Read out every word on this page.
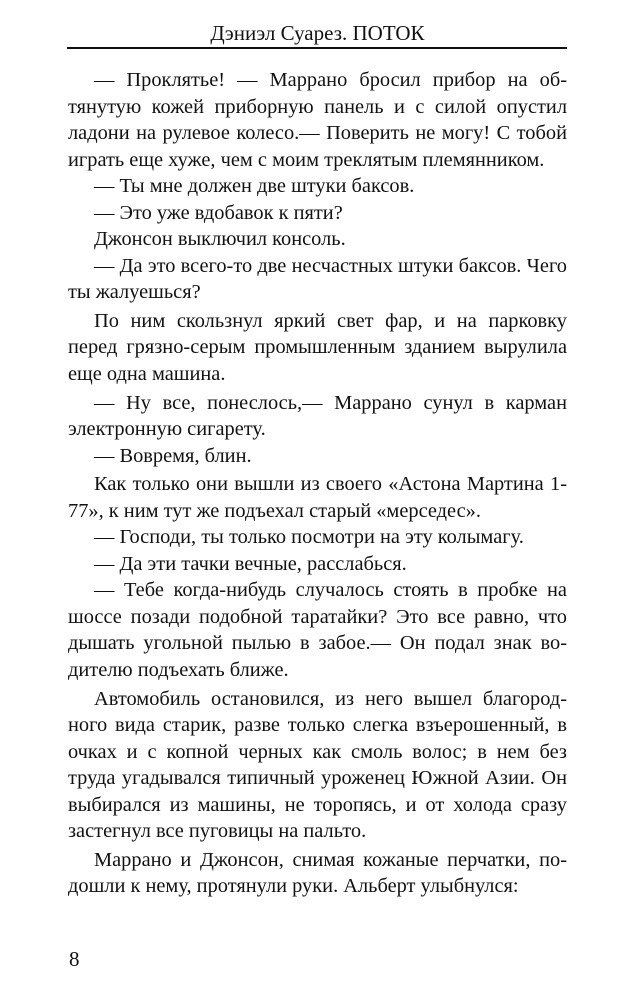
Дэниэл Суарез. ПОТОК

— Проклятье! — Маррано бросил прибор на обтянутую кожей приборную панель и с силой опустил ладони на рулевое колесо.— Поверить не могу! С тобой играть еще хуже, чем с моим треклятым племянником.

— Ты мне должен две штуки баксов.

— Это уже вдобавок к пяти?

Джонсон выключил консоль.

— Да это всего-то две несчастных штуки баксов. Чего ты жалуешься?

По ним скользнул яркий свет фар, и на парковку перед грязно-серым промышленным зданием вырулила еще одна машина.

— Ну все, понеслось,— Маррано сунул в карман электронную сигарету.

— Вовремя, блин.

Как только они вышли из своего «Астона Мартина 1-77», к ним тут же подъехал старый «мерседес».

— Господи, ты только посмотри на эту колымагу.

— Да эти тачки вечные, расслабься.

— Тебе когда-нибудь случалось стоять в пробке на шоссе позади подобной таратайки? Это все равно, что дышать угольной пылью в забое.— Он подал знак водителю подъехать ближе.

Автомобиль остановился, из него вышел благородного вида старик, разве только слегка взъерошенный, в очках и с копной черных как смоль волос; в нем без труда угадывался типичный уроженец Южной Азии. Он выбирался из машины, не торопясь, и от холода сразу застегнул все пуговицы на пальто.

Маррано и Джонсон, снимая кожаные перчатки, подошли к нему, протянули руки. Альберт улыбнулся:

8
